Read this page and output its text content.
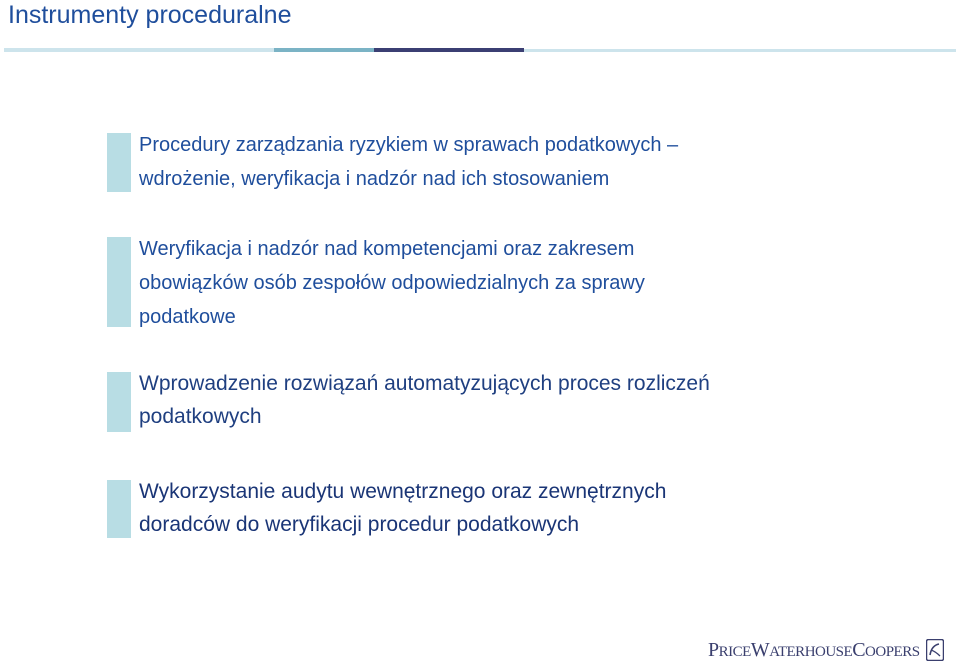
Instrumenty proceduralne
Procedury zarządzania ryzykiem w sprawach podatkowych –
wdrożenie, weryfikacja i nadzór nad ich stosowaniem
Weryfikacja i nadzór nad kompetencjami oraz zakresem
obowiązków osób zespołów odpowiedzialnych za sprawy
podatkowe
Wprowadzenie rozwiązań automatyzujących proces rozliczeń
podatkowych
Wykorzystanie audytu wewnętrznego oraz zewnętrznych
doradców do weryfikacji procedur podatkowych
PRICEWATERHOUSECOOPERS
